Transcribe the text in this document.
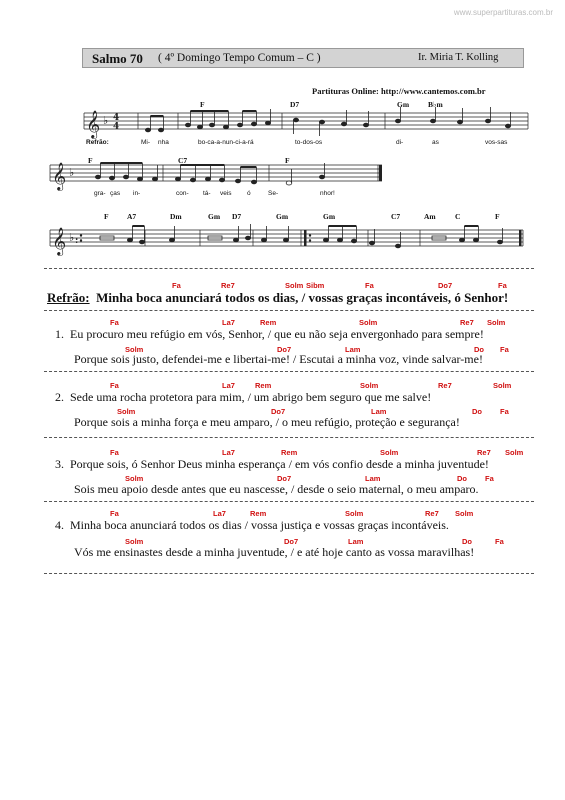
www.superpartituras.com.br
Salmo 70 ( 4º Domingo Tempo Comum – C )	Ir. Miria T. Kolling
Partituras Online: http://www.cantemos.com.br
F	D7	Gm	B♭m
𝄞 ♭ 4
4
𝄞 ♭
𝄞 ♭ :
Refrão:	Mi- nha	bo-ca-a-nun-ci-a-rá	to-dos-os	di-	as	vos-sas
F	C7	F
gra- ças in-	con- tá- veis ó	Se-	nhor!
F A7	Dm	Gm D7	Gm	Gm	C7	Am	C	F
Fa	Re7	Solm Sibm	Fa	Do7	Fa
Refrão: Minha boca anunciará todos os dias, / vossas graças incontáveis, ó Senhor!
Fa	La7	Rem	Solm	Re7 Solm
1. Eu procuro meu refúgio em vós, Senhor, / que eu não seja envergonhado para sempre!
Solm	Do7	Lam	Do Fa
Porque sois justo, defendei-me e libertai-me! / Escutai a minha voz, vinde salvar-me!
Fa	La7	Rem	Solm	Re7	Solm
2. Sede uma rocha protetora para mim, / um abrigo bem seguro que me salve!
Solm	Do7	Lam	Do Fa
Porque sois a minha força e meu amparo, / o meu refúgio, proteção e segurança!
Fa	La7	Rem	Solm	Re7 Solm
3. Porque sois, ó Senhor Deus minha esperança / em vós confio desde a minha juventude!
Solm	Do7	Lam	Do Fa
Sois meu apoio desde antes que eu nascesse, / desde o seio maternal, o meu amparo.
Fa	La7	Rem	Solm	Re7 Solm
4. Minha boca anunciará todos os dias / vossa justiça e vossas graças incontáveis.
Solm	Do7	Lam	Do	Fa
Vós me ensinastes desde a minha juventude, / e até hoje canto as vossa maravilhas!
